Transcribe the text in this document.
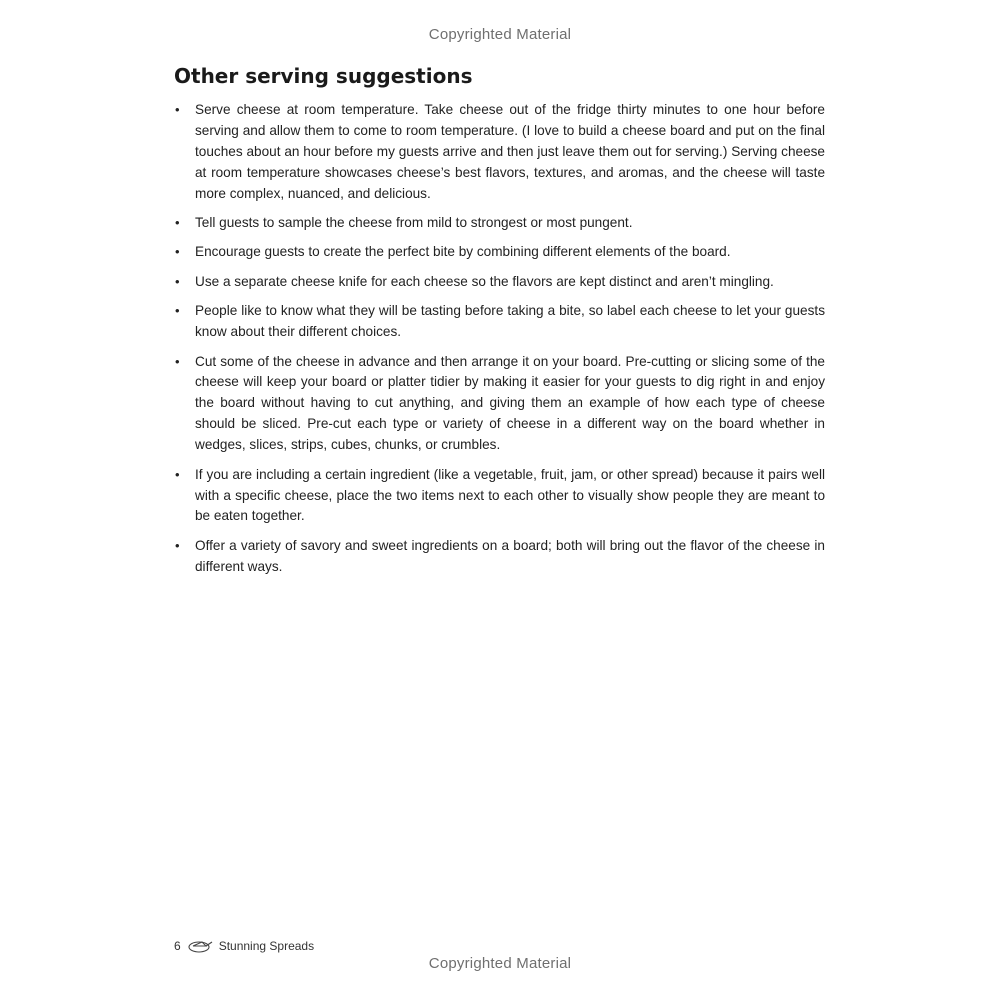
Copyrighted Material
Other serving suggestions
• Serve cheese at room temperature. Take cheese out of the fridge thirty minutes to one hour before serving and allow them to come to room temperature. (I love to build a cheese board and put on the final touches about an hour before my guests arrive and then just leave them out for serving.) Serving cheese at room temperature showcases cheese’s best flavors, textures, and aromas, and the cheese will taste more complex, nuanced, and delicious.
• Tell guests to sample the cheese from mild to strongest or most pungent.
• Encourage guests to create the perfect bite by combining different elements of the board.
• Use a separate cheese knife for each cheese so the flavors are kept distinct and aren’t mingling.
• People like to know what they will be tasting before taking a bite, so label each cheese to let your guests know about their different choices.
• Cut some of the cheese in advance and then arrange it on your board. Pre-cutting or slicing some of the cheese will keep your board or platter tidier by making it easier for your guests to dig right in and enjoy the board without having to cut anything, and giving them an example of how each type of cheese should be sliced. Pre-cut each type or variety of cheese in a different way on the board whether in wedges, slices, strips, cubes, chunks, or crumbles.
• If you are including a certain ingredient (like a vegetable, fruit, jam, or other spread) because it pairs well with a specific cheese, place the two items next to each other to visually show people they are meant to be eaten together.
• Offer a variety of savory and sweet ingredients on a board; both will bring out the flavor of the cheese in different ways.
6	Stunning Spreads
Copyrighted Material
